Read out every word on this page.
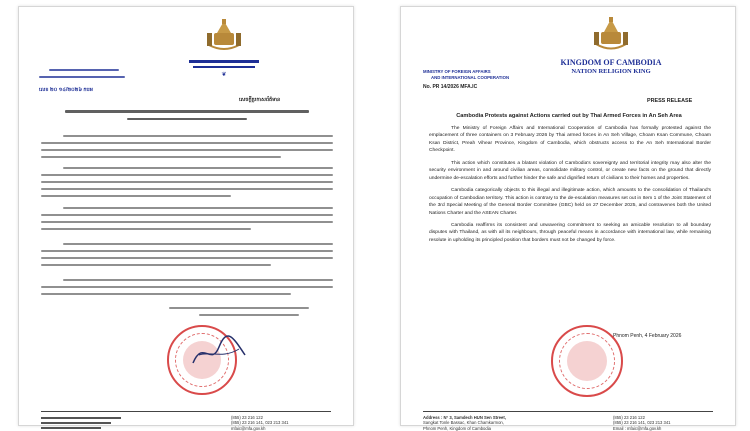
❦
លេខ ២០ ១៤/២០២៦ កបអ
សេចក្តីប្រកាសព័ត៌មាន
(855) 23 216 122
(855) 23 216 141, 023 213 341
mfaic@mfa.gov.kh
KINGDOM OF CAMBODIA
NATION RELIGION KING
MINISTRY OF FOREIGN AFFAIRS
AND INTERNATIONAL COOPERATION
No. PR 14/2026 MFA.IC
PRESS RELEASE
Cambodia Protests against Actions carried out by Thai Armed Forces in An Seh Area

The Ministry of Foreign Affairs and International Cooperation of Cambodia has formally protested against the emplacement of three containers on 3 February 2026 by Thai armed forces in An Seh Village, Choam Ksan Commune, Choam Ksan District, Preah Vihear Province, Kingdom of Cambodia, which obstructs access to the An Seh International Border Checkpoint.

This action which constitutes a blatant violation of Cambodia's sovereignty and territorial integrity may also alter the security environment in and around civilian areas, consolidate military control, or create new facts on the ground that directly undermine de-escalation efforts and further hinder the safe and dignified return of civilians to their homes and properties.

Cambodia categorically objects to this illegal and illegitimate action, which amounts to the consolidation of Thailand's occupation of Cambodian territory. This action is contrary to the de-escalation measures set out in Item 1 of the Joint Statement of the 3rd Special Meeting of the General Border Committee (GBC) held on 27 December 2025, and contravenes both the United Nations Charter and the ASEAN Charter.

Cambodia reaffirms its consistent and unwavering commitment to seeking an amicable resolution to all boundary disputes with Thailand, as with all its neighbours, through peaceful means in accordance with international law, while remaining resolute in upholding its principled position that borders must not be changed by force.

Phnom Penh, 4 February 2026
Address : N° 3, Samdech HUN Sen Street,
Sangkat Tonle Bassac, Khan Chamkarmon,
Phnom Penh, Kingdom of Cambodia
(855) 23 216 122
(855) 23 216 141, 023 213 341
Email : mfaic@mfa.gov.kh
